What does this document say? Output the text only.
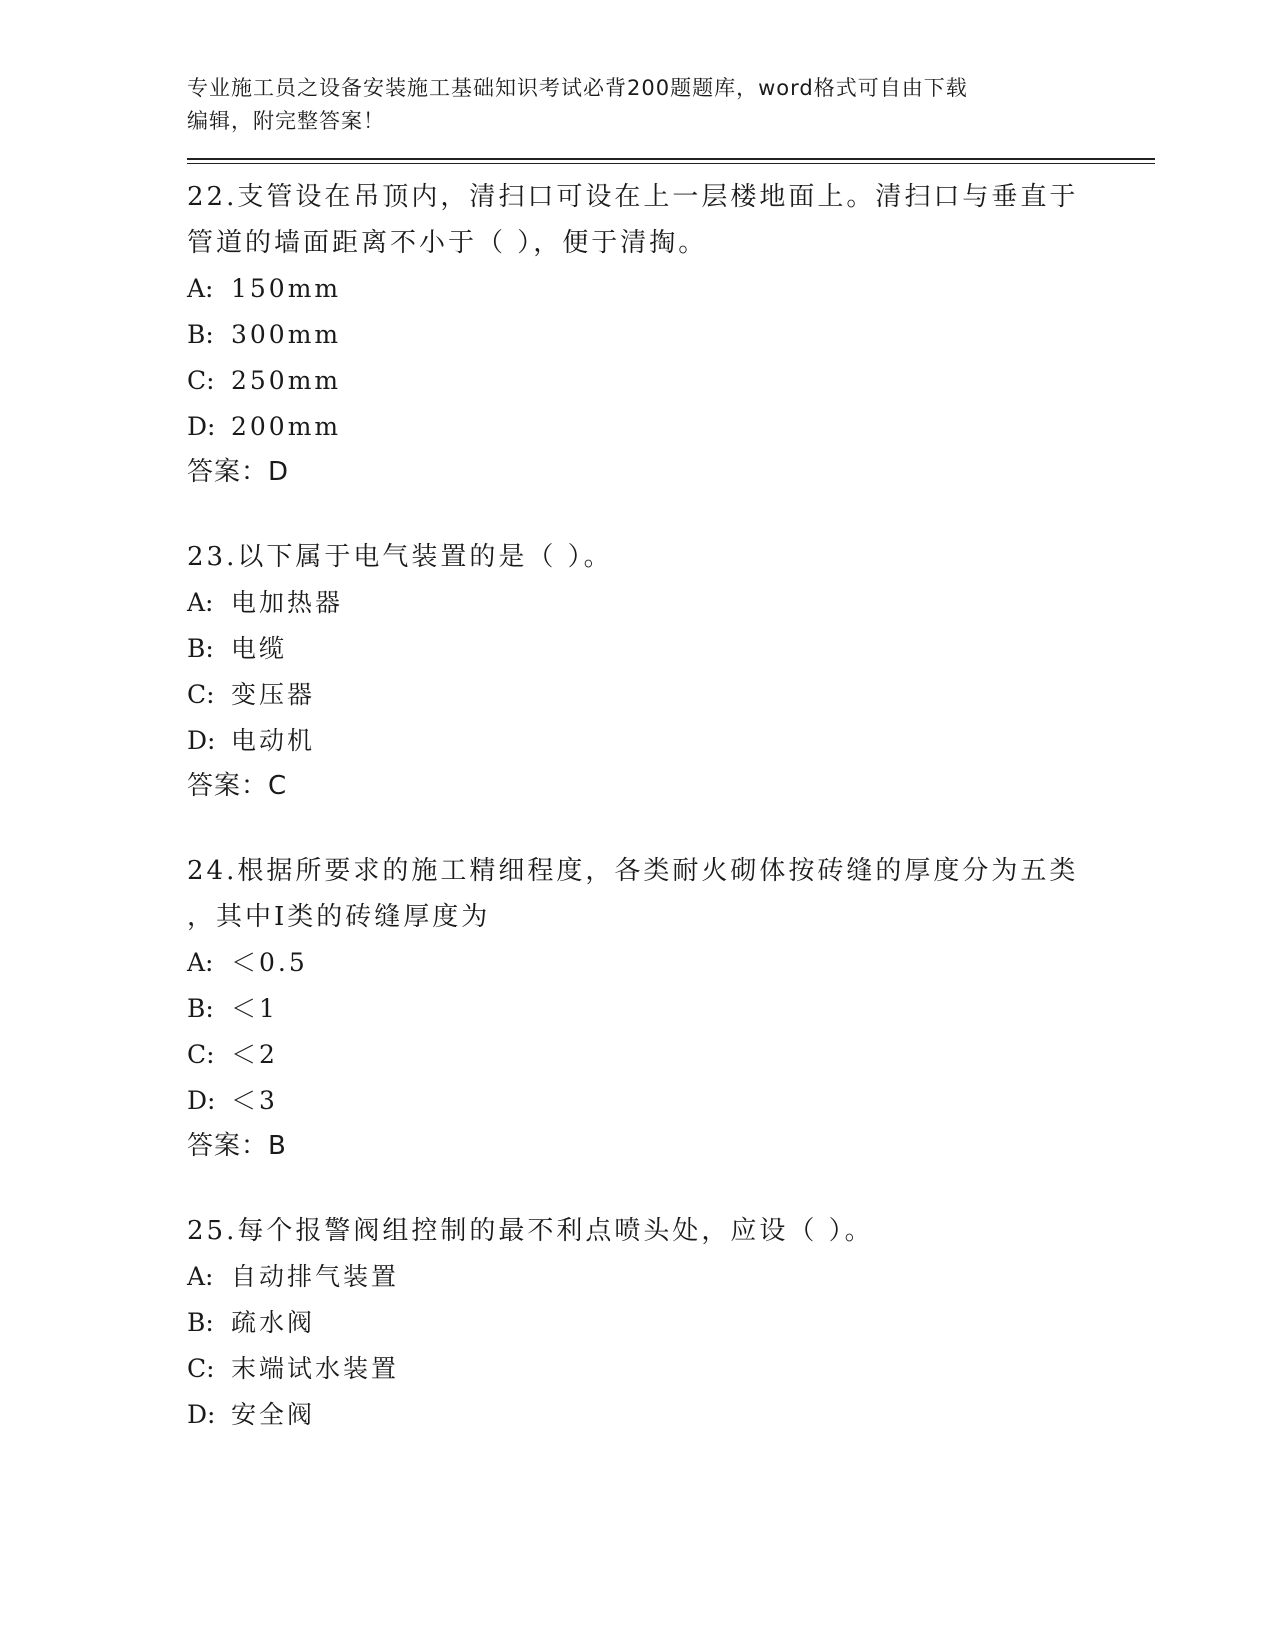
专业施工员之设备安装施工基础知识考试必背200题题库，word格式可自由下载
编辑，附完整答案！
22.支管设在吊顶内，清扫口可设在上一层楼地面上。清扫口与垂直于
管道的墙面距离不小于（ ），便于清掏。
A: 150mm
B: 300mm
C: 250mm
D: 200mm
答案：D
23.以下属于电气装置的是（ ）。
A: 电加热器
B: 电缆
C: 变压器
D: 电动机
答案：C
24.根据所要求的施工精细程度，各类耐火砌体按砖缝的厚度分为五类
，其中Ⅰ类的砖缝厚度为
A: ＜0.5
B: ＜1
C: ＜2
D: ＜3
答案：B
25.每个报警阀组控制的最不利点喷头处，应设（ ）。
A: 自动排气装置
B: 疏水阀
C: 末端试水装置
D: 安全阀
